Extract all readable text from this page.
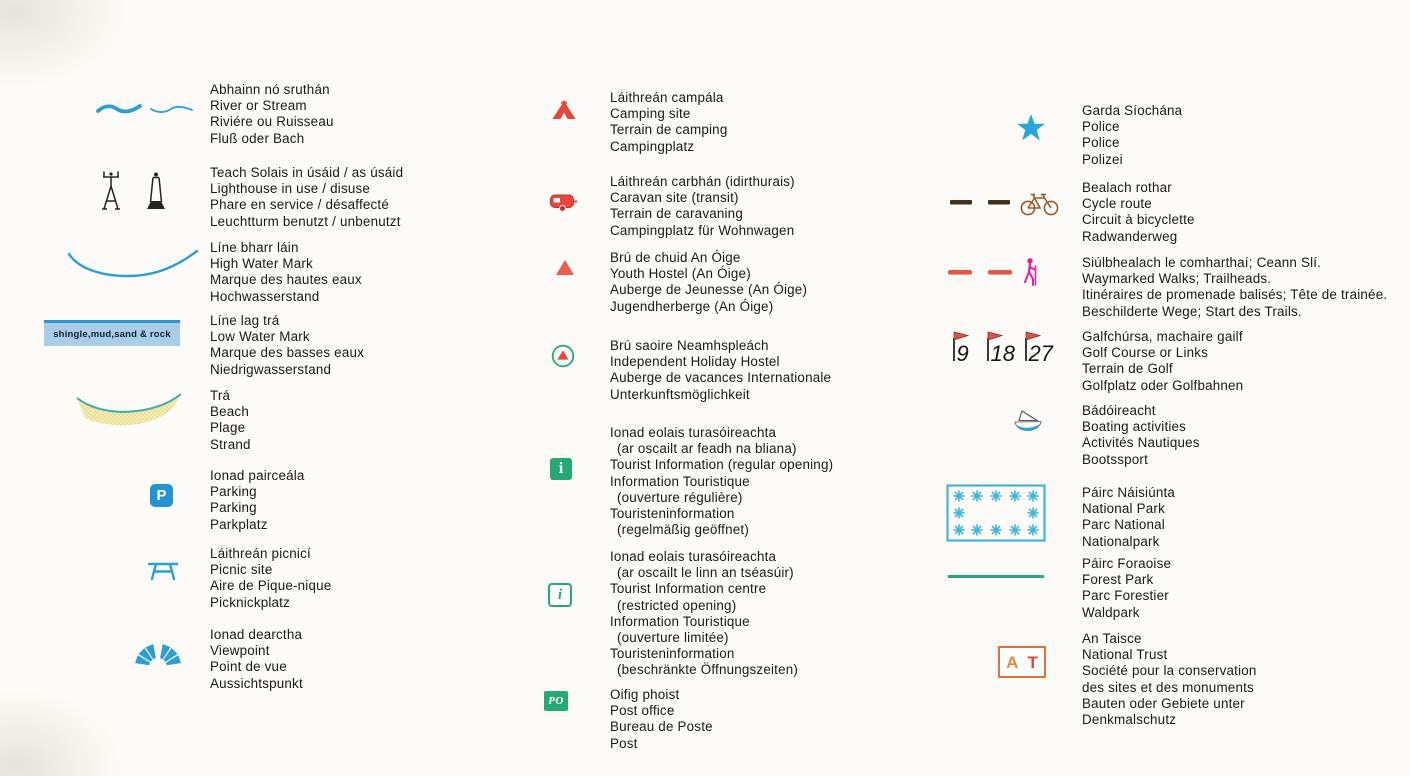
Abhainn nó sruthán
River or Stream
Riviére ou Ruisseau
Fluß oder Bach
Teach Solais in úsáid / as úsáid
Lighthouse in use / disuse
Phare en service / désaffecté
Leuchtturm benutzt / unbenutzt
Líne bharr láin
High Water Mark
Marque des hautes eaux
Hochwasserstand
shingle,mud,sand & rock
Líne lag trá
Low Water Mark
Marque des basses eaux
Niedrigwasserstand
Trá
Beach
Plage
Strand
P
Ionad pairceála
Parking
Parking
Parkplatz
Láithreán picnicí
Picnic site
Aire de Pique-nique
Picknickplatz
Ionad dearctha
Viewpoint
Point de vue
Aussichtspunkt
Láithreán campála
Camping site
Terrain de camping
Campingplatz
Láithreán carbhán (idirthurais)
Caravan site (transit)
Terrain de caravaning
Campingplatz für Wohnwagen
Brú de chuid An Óige
Youth Hostel (An Óige)
Auberge de Jeunesse (An Óige)
Jugendherberge (An Óige)
Brú saoire Neamhspleách
Independent Holiday Hostel
Auberge de vacances Internationale
Unterkunftsmöglichkeit
i
Ionad eolais turasóireachta
(ar oscailt ar feadh na bliana)
Tourist Information (regular opening)
Information Touristique
(ouverture régulière)
Touristeninformation
(regelmäßig geöffnet)
i
Ionad eolais turasóireachta
(ar oscailt le linn an tséasúir)
Tourist Information centre
(restricted opening)
Information Touristique
(ouverture limitée)
Touristeninformation
(beschränkte Öffnungszeiten)
PO	Oifig phoist
Post office
Bureau de Poste
Post
Garda Síochána
Police
Police
Polizei
Bealach rothar
Cycle route
Circuit à bicyclette
Radwanderweg
Siúlbhealach le comharthaí; Ceann Slí.
Waymarked Walks; Trailheads.
Itinéraires de promenade balisés; Tête de trainée.
Beschilderte Wege; Start des Trails.
9 18 27
Galfchúrsa, machaire gailf
Golf Course or Links
Terrain de Golf
Golfplatz oder Golfbahnen
Bádóireacht
Boating activities
Activités Nautiques
Bootssport
Páirc Náisiúnta
National Park
Parc National
Nationalpark
Páirc Foraoise
Forest Park
Parc Forestier
Waldpark
A T
An Taisce
National Trust
Société pour la conservation
des sites et des monuments
Bauten oder Gebiete unter
Denkmalschutz
